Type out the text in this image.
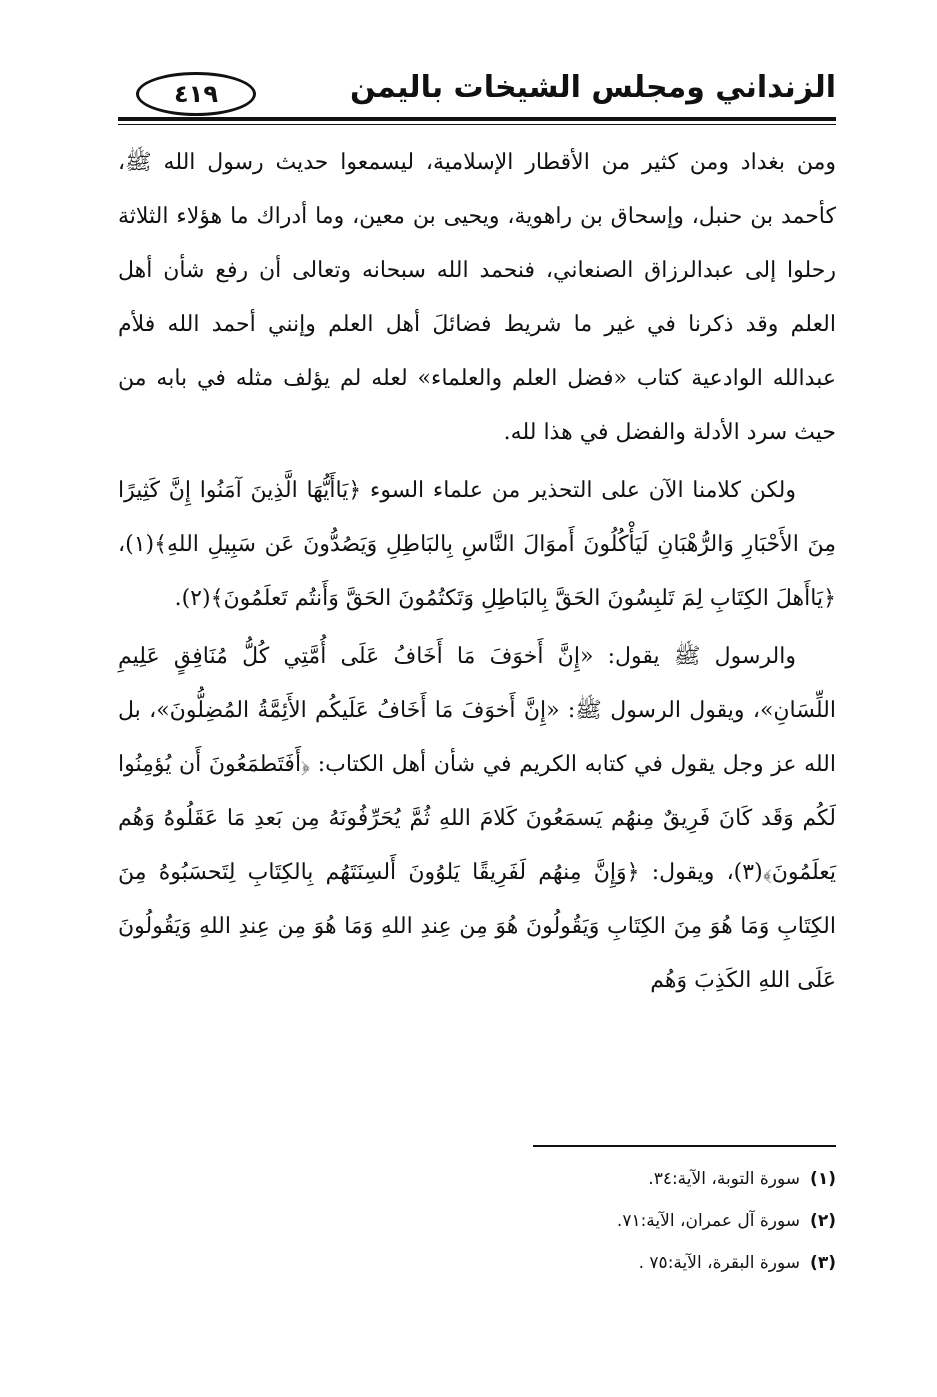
الزنداني ومجلس الشيخات باليمن
٤١٩

ومن بغداد ومن كثير من الأقطار الإسلامية، ليسمعوا حديث رسول الله ﷺ، كأحمد بن حنبل، وإسحاق بن راهوية، ويحيى بن معين، وما أدراك ما هؤلاء الثلاثة رحلوا إلى عبدالرزاق الصنعاني، فنحمد الله سبحانه وتعالى أن رفع شأن أهل العلم وقد ذكرنا في غير ما شريط فضائلَ أهل العلم وإنني أحمد الله فلأم عبدالله الوادعية كتاب «فضل العلم والعلماء» لعله لم يؤلف مثله في بابه من حيث سرد الأدلة والفضل في هذا لله.

ولكن كلامنا الآن على التحذير من علماء السوء ﴿يَاأَيُّهَا الَّذِينَ آمَنُوا إِنَّ كَثِيرًا مِنَ الأَحْبَارِ وَالرُّهْبَانِ لَيَأْكُلُونَ أَموَالَ النَّاسِ بِالبَاطِلِ وَيَصُدُّونَ عَن سَبِيلِ اللهِ﴾(١)، ﴿يَاأَهلَ الكِتَابِ لِمَ تَلبِسُونَ الحَقَّ بِالبَاطِلِ وَتَكتُمُونَ الحَقَّ وَأَنتُم تَعلَمُونَ﴾(٢).

والرسول ﷺ يقول: «إِنَّ أَخوَفَ مَا أَخَافُ عَلَى أُمَّتِي كُلُّ مُنَافِقٍ عَلِيمِ اللِّسَانِ»، ويقول الرسول ﷺ: «إِنَّ أَخوَفَ مَا أَخَافُ عَلَيكُم الأَئِمَّةُ المُضِلُّونَ»، بل الله عز وجل يقول في كتابه الكريم في شأن أهل الكتاب: ﴿أَفَتَطمَعُونَ أَن يُؤمِنُوا لَكُم وَقَد كَانَ فَرِيقٌ مِنهُم يَسمَعُونَ كَلامَ اللهِ ثُمَّ يُحَرِّفُونَهُ مِن بَعدِ مَا عَقَلُوهُ وَهُم يَعلَمُونَ﴾(٣)، ويقول: ﴿وَإِنَّ مِنهُم لَفَرِيقًا يَلوُونَ أَلسِنَتَهُم بِالكِتَابِ لِتَحسَبُوهُ مِنَ الكِتَابِ وَمَا هُوَ مِنَ الكِتَابِ وَيَقُولُونَ هُوَ مِن عِندِ اللهِ وَمَا هُوَ مِن عِندِ اللهِ وَيَقُولُونَ عَلَى اللهِ الكَذِبَ وَهُم

(١)
سورة التوبة، الآية:٣٤.
(٢)
سورة آل عمران، الآية:٧١.
(٣)
سورة البقرة، الآية:٧٥ .
